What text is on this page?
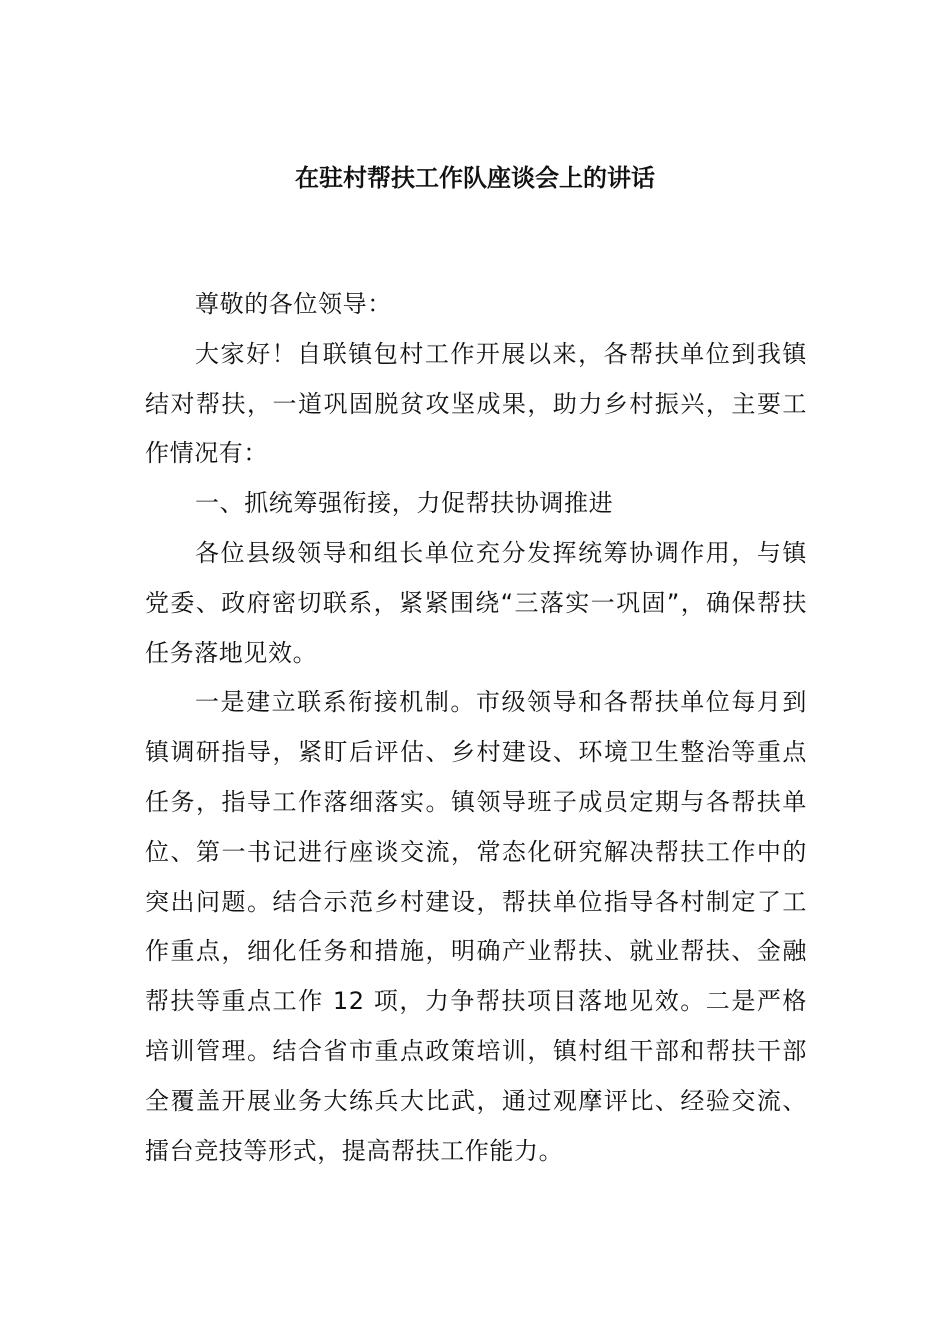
在驻村帮扶工作队座谈会上的讲话

尊敬的各位领导：

大家好！自联镇包村工作开展以来，各帮扶单位到我镇结对帮扶，一道巩固脱贫攻坚成果，助力乡村振兴，主要工作情况有：

一、抓统筹强衔接，力促帮扶协调推进

各位县级领导和组长单位充分发挥统筹协调作用，与镇党委、政府密切联系，紧紧围绕“三落实一巩固”，确保帮扶任务落地见效。

一是建立联系衔接机制。市级领导和各帮扶单位每月到镇调研指导，紧盯后评估、乡村建设、环境卫生整治等重点任务，指导工作落细落实。镇领导班子成员定期与各帮扶单位、第一书记进行座谈交流，常态化研究解决帮扶工作中的突出问题。结合示范乡村建设，帮扶单位指导各村制定了工作重点，细化任务和措施，明确产业帮扶、就业帮扶、金融帮扶等重点工作 12 项，力争帮扶项目落地见效。二是严格培训管理。结合省市重点政策培训，镇村组干部和帮扶干部全覆盖开展业务大练兵大比武，通过观摩评比、经验交流、擂台竞技等形式，提高帮扶工作能力。
